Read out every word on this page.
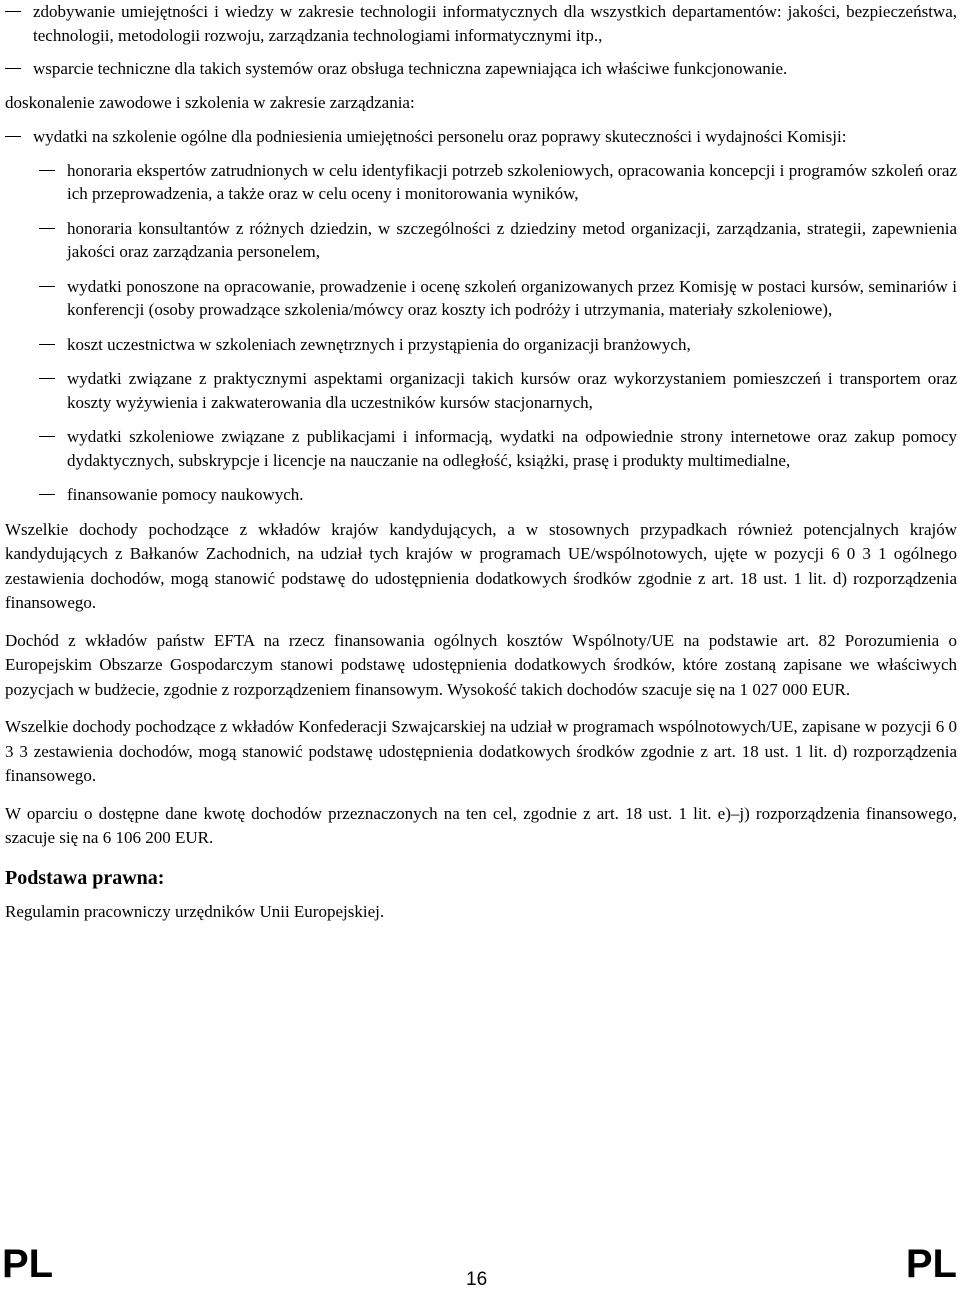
zdobywanie umiejętności i wiedzy w zakresie technologii informatycznych dla wszystkich departamentów: jakości, bezpieczeństwa, technologii, metodologii rozwoju, zarządzania technologiami informatycznymi itp.,
wsparcie techniczne dla takich systemów oraz obsługa techniczna zapewniająca ich właściwe funkcjonowanie.
doskonalenie zawodowe i szkolenia w zakresie zarządzania:
wydatki na szkolenie ogólne dla podniesienia umiejętności personelu oraz poprawy skuteczności i wydajności Komisji:
honoraria ekspertów zatrudnionych w celu identyfikacji potrzeb szkoleniowych, opracowania koncepcji i programów szkoleń oraz ich przeprowadzenia, a także oraz w celu oceny i monitorowania wyników,
honoraria konsultantów z różnych dziedzin, w szczególności z dziedziny metod organizacji, zarządzania, strategii, zapewnienia jakości oraz zarządzania personelem,
wydatki ponoszone na opracowanie, prowadzenie i ocenę szkoleń organizowanych przez Komisję w postaci kursów, seminariów i konferencji (osoby prowadzące szkolenia/mówcy oraz koszty ich podróży i utrzymania, materiały szkoleniowe),
koszt uczestnictwa w szkoleniach zewnętrznych i przystąpienia do organizacji branżowych,
wydatki związane z praktycznymi aspektami organizacji takich kursów oraz wykorzystaniem pomieszczeń i transportem oraz koszty wyżywienia i zakwaterowania dla uczestników kursów stacjonarnych,
wydatki szkoleniowe związane z publikacjami i informacją, wydatki na odpowiednie strony internetowe oraz zakup pomocy dydaktycznych, subskrypcje i licencje na nauczanie na odległość, książki, prasę i produkty multimedialne,
finansowanie pomocy naukowych.

Wszelkie dochody pochodzące z wkładów krajów kandydujących, a w stosownych przypadkach również potencjalnych krajów kandydujących z Bałkanów Zachodnich, na udział tych krajów w programach UE/wspólnotowych, ujęte w pozycji 6 0 3 1 ogólnego zestawienia dochodów, mogą stanowić podstawę do udostępnienia dodatkowych środków zgodnie z art. 18 ust. 1 lit. d) rozporządzenia finansowego.

Dochód z wkładów państw EFTA na rzecz finansowania ogólnych kosztów Wspólnoty/UE na podstawie art. 82 Porozumienia o Europejskim Obszarze Gospodarczym stanowi podstawę udostępnienia dodatkowych środków, które zostaną zapisane we właściwych pozycjach w budżecie, zgodnie z rozporządzeniem finansowym. Wysokość takich dochodów szacuje się na 1 027 000 EUR.

Wszelkie dochody pochodzące z wkładów Konfederacji Szwajcarskiej na udział w programach wspólnotowych/UE, zapisane w pozycji 6 0 3 3 zestawienia dochodów, mogą stanowić podstawę udostępnienia dodatkowych środków zgodnie z art. 18 ust. 1 lit. d) rozporządzenia finansowego.

W oparciu o dostępne dane kwotę dochodów przeznaczonych na ten cel, zgodnie z art. 18 ust. 1 lit. e)–j) rozporządzenia finansowego, szacuje się na 6 106 200 EUR.

Podstawa prawna:

Regulamin pracowniczy urzędników Unii Europejskiej.

PL	16	PL
